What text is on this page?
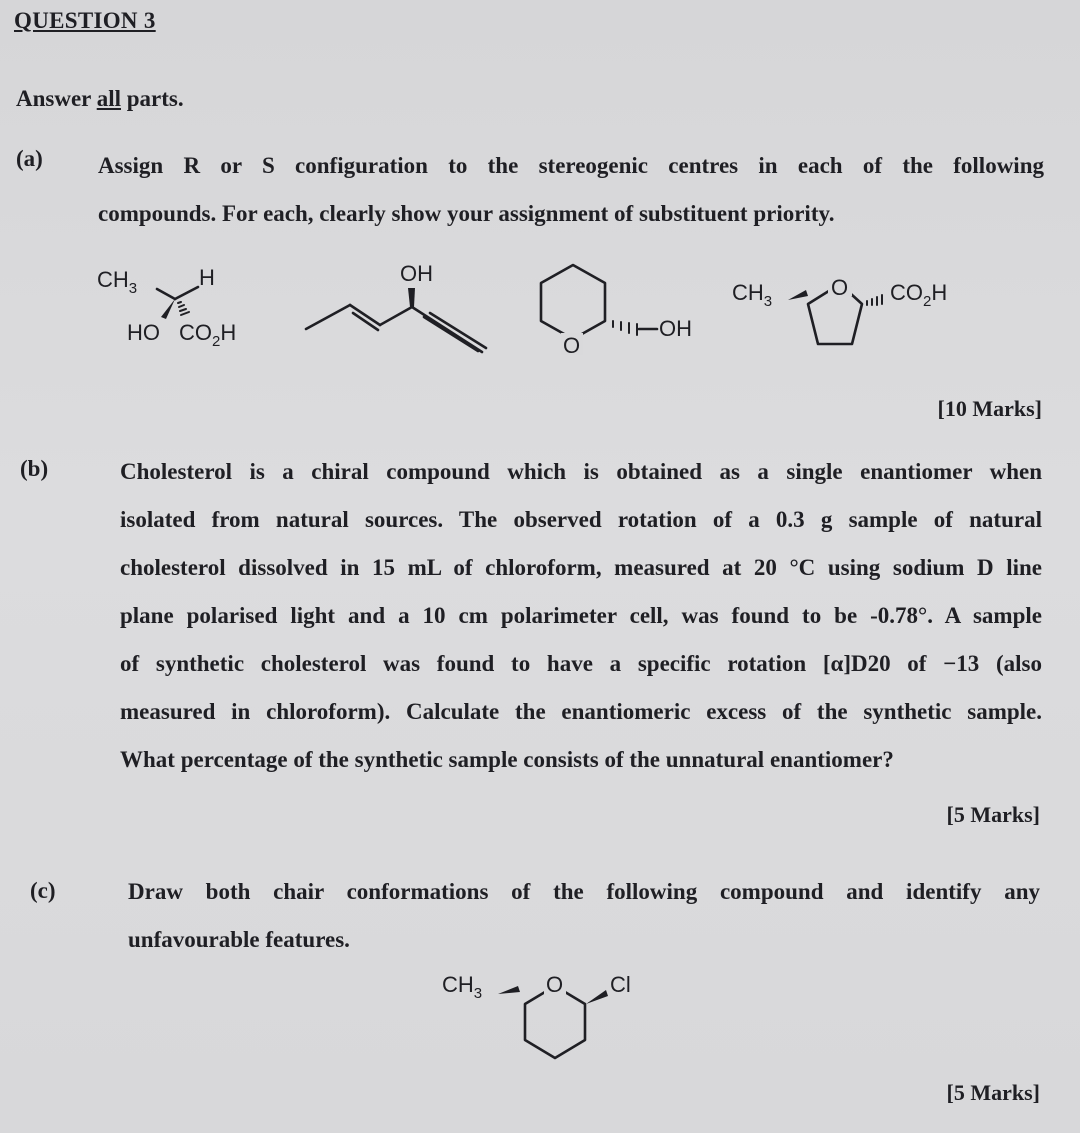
QUESTION 3
Answer all parts.
(a) Assign R or S configuration to the stereogenic centres in each of the following
compounds. For each, clearly show your assignment of substituent priority.
$CH_3$	H
HO $CO_2H$
OH
O
OH
$CH_3$
O $CO_2H$
[10 Marks]
(b)	Cholesterol is a chiral compound which is obtained as a single enantiomer when
isolated from natural sources. The observed rotation of a 0.3 g sample of natural
cholesterol dissolved in 15 mL of chloroform, measured at 20 °C using sodium D line
plane polarised light and a 10 cm polarimeter cell, was found to be -0.78°. A sample
of synthetic cholesterol was found to have a specific rotation [α]D20 of −13 (also
measured in chloroform). Calculate the enantiomeric excess of the synthetic sample.
What percentage of the synthetic sample consists of the unnatural enantiomer?
[5 Marks]
(c)	Draw both chair conformations of the following compound and identify any
unfavourable features.
$CH_3$	O Cl
[5 Marks]
